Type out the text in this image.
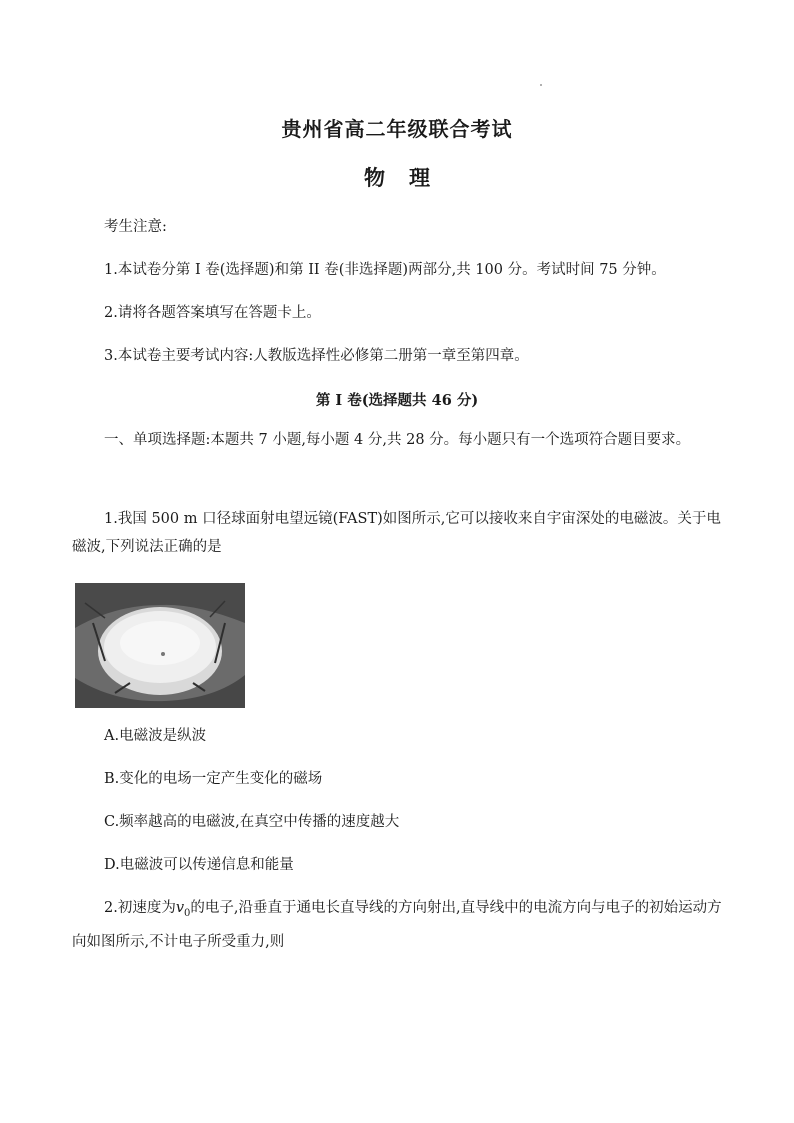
贵州省高二年级联合考试
物理
考生注意:
1.本试卷分第 I 卷(选择题)和第 II 卷(非选择题)两部分,共 100 分。考试时间 75 分钟。
2.请将各题答案填写在答题卡上。
3.本试卷主要考试内容:人教版选择性必修第二册第一章至第四章。
第 I 卷(选择题共 46 分)
一、单项选择题:本题共 7 小题,每小题 4 分,共 28 分。每小题只有一个选项符合题目要求。
1.我国 500 m 口径球面射电望远镜(FAST)如图所示,它可以接收来自宇宙深处的电磁波。关于电磁波,下列说法正确的是
A.电磁波是纵波
B.变化的电场一定产生变化的磁场
C.频率越高的电磁波,在真空中传播的速度越大
D.电磁波可以传递信息和能量
2.初速度为$v_0$的电子,沿垂直于通电长直导线的方向射出,直导线中的电流方向与电子的初始运动方向如图所示,不计电子所受重力,则
